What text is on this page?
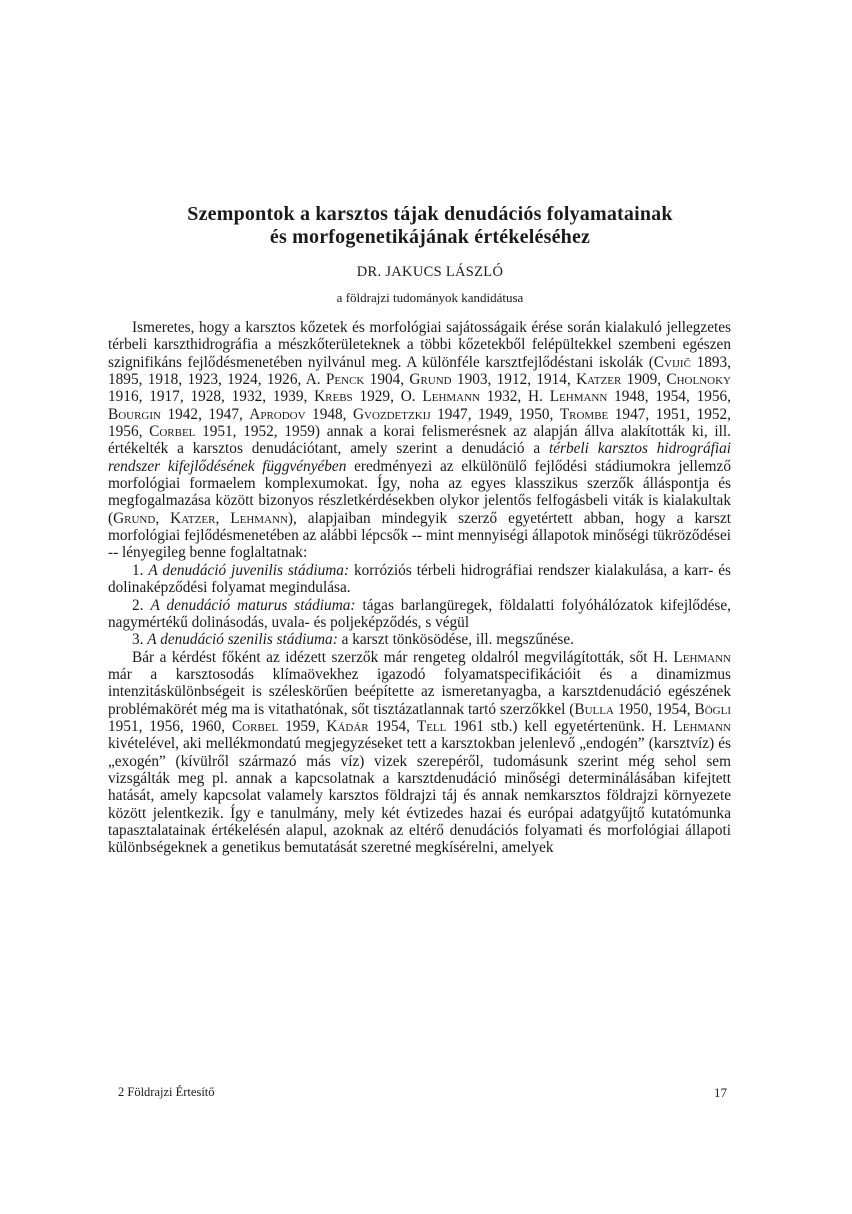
Szempontok a karsztos tájak denudációs folyamatainak
és morfogenetikájának értékeléséhez
DR. JAKUCS LÁSZLÓ
a földrajzi tudományok kandidátusa

Ismeretes, hogy a karsztos kőzetek és morfológiai sajátosságaik érése során kialakuló jellegzetes térbeli karszthidrográfia a mészkőterületeknek a többi kőzetekből felépültekkel szembeni egészen szignifikáns fejlődésmenetében nyilvánul meg. A különféle karsztfejlődéstani iskolák (Cvijič 1893, 1895, 1918, 1923, 1924, 1926, A. Penck 1904, Grund 1903, 1912, 1914, Katzer 1909, Cholnoky 1916, 1917, 1928, 1932, 1939, Krebs 1929, O. Lehmann 1932, H. Lehmann 1948, 1954, 1956, Bourgin 1942, 1947, Aprodov 1948, Gvozdetzkij 1947, 1949, 1950, Trombe 1947, 1951, 1952, 1956, Corbel 1951, 1952, 1959) annak a korai felismerésnek az alapján állva alakították ki, ill. értékelték a karsztos denudációtant, amely szerint a denudáció a térbeli karsztos hidrográfiai rendszer kifejlődésének függvényében eredményezi az elkülönülő fejlődési stádiumokra jellemző morfológiai formaelem komplexumokat. Így, noha az egyes klasszikus szerzők álláspontja és megfogalmazása között bizonyos részletkérdésekben olykor jelentős felfogásbeli viták is kialakultak (Grund, Katzer, Lehmann), alapjaiban mindegyik szerző egyetértett abban, hogy a karszt morfológiai fejlődésmenetében az alábbi lépcsők -- mint mennyiségi állapotok minőségi tükröződései -- lényegileg benne foglaltatnak:

1. A denudáció juvenilis stádiuma: korróziós térbeli hidrográfiai rendszer kialakulása, a karr- és dolinaképződési folyamat megindulása.

2. A denudáció maturus stádiuma: tágas barlangüregek, földalatti folyóhálózatok kifejlődése, nagymértékű dolinásodás, uvala- és poljeképződés, s végül

3. A denudáció szenilis stádiuma: a karszt tönkösödése, ill. megszűnése.

Bár a kérdést főként az idézett szerzők már rengeteg oldalról megvilágították, sőt H. Lehmann már a karsztosodás klímaövekhez igazodó folyamatspecifikációit és a dinamizmus intenzitáskülönbségeit is széleskörűen beépítette az ismeretanyagba, a karsztdenudáció egészének problémakörét még ma is vitathatónak, sőt tisztázatlannak tartó szerzőkkel (Bulla 1950, 1954, Bögli 1951, 1956, 1960, Corbel 1959, Kádár 1954, Tell 1961 stb.) kell egyetértenünk. H. Lehmann kivételével, aki mellékmondatú megjegyzéseket tett a karsztokban jelenlevő „endogén” (karsztvíz) és „exogén” (kívülről származó más víz) vizek szerepéről, tudomásunk szerint még sehol sem vizsgálták meg pl. annak a kapcsolatnak a karsztdenudáció minőségi determinálásában kifejtett hatását, amely kapcsolat valamely karsztos földrajzi táj és annak nemkarsztos földrajzi környezete között jelentkezik. Így e tanulmány, mely két évtizedes hazai és európai adatgyűjtő kutatómunka tapasztalatainak értékelésén alapul, azoknak az eltérő denudációs folyamati és morfológiai állapoti különbségeknek a genetikus bemutatását szeretné megkísérelni, amelyek

2 Földrajzi Értesítő	17
